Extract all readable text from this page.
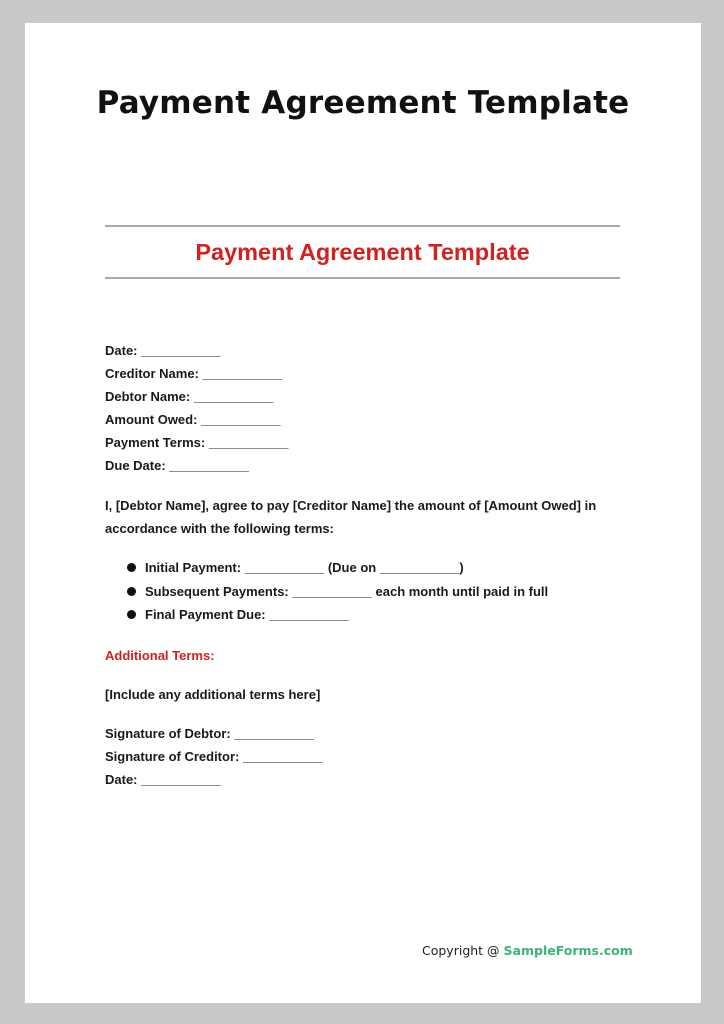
Payment Agreement Template
Payment Agreement Template
Date: ___________
Creditor Name: ___________
Debtor Name: ___________
Amount Owed: ___________
Payment Terms: ___________
Due Date: ___________
I, [Debtor Name], agree to pay [Creditor Name] the amount of [Amount Owed] in accordance with the following terms:
Initial Payment: ___________ (Due on ___________)
Subsequent Payments: ___________ each month until paid in full
Final Payment Due: ___________
Additional Terms:
[Include any additional terms here]
Signature of Debtor: ___________
Signature of Creditor: ___________
Date: ___________
Copyright @ SampleForms.com
